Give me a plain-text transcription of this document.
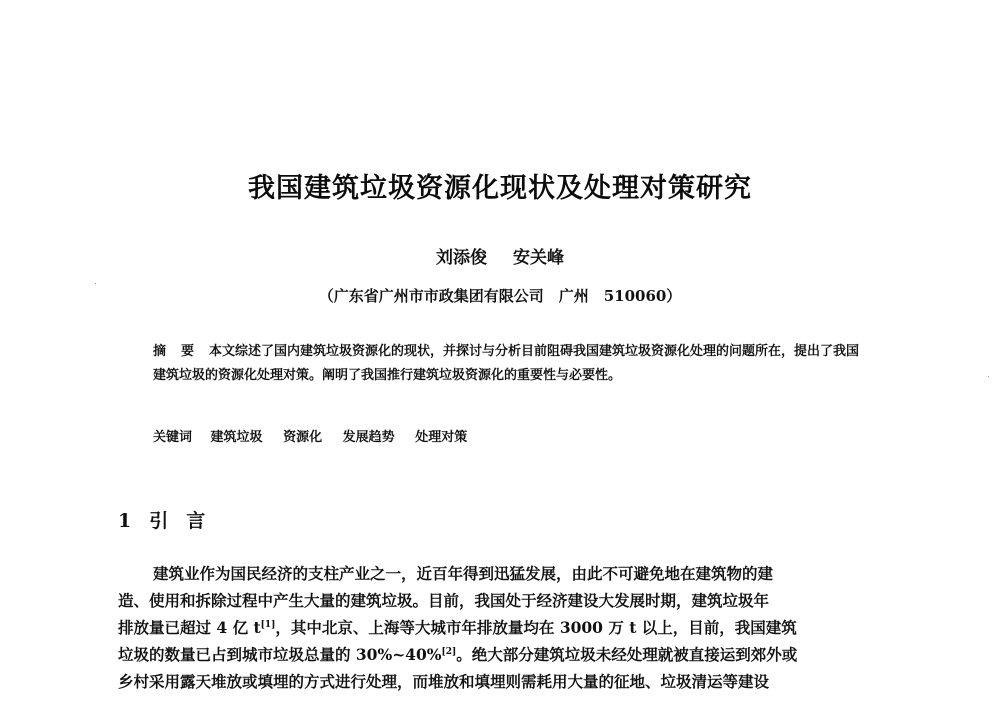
我国建筑垃圾资源化现状及处理对策研究
刘添俊 安关峰
（广东省广州市市政集团有限公司　广州　510060）
摘要本文综述了国内建筑垃圾资源化的现状，并探讨与分析目前阻碍我国建筑垃圾资源化处理的问题所在，提出了我国建筑垃圾的资源化处理对策。阐明了我国推行建筑垃圾资源化的重要性与必要性。
关键词 建筑垃圾 资源化 发展趋势 处理对策
1 引言
建筑业作为国民经济的支柱产业之一，近百年得到迅猛发展，由此不可避免地在建筑物的建
造、使用和拆除过程中产生大量的建筑垃圾。目前，我国处于经济建设大发展时期，建筑垃圾年
排放量已超过 4 亿 t[1]，其中北京、上海等大城市年排放量均在 3000 万 t 以上，目前，我国建筑
垃圾的数量已占到城市垃圾总量的 30%~40%[2]。绝大部分建筑垃圾未经处理就被直接运到郊外或
乡村采用露天堆放或填埋的方式进行处理，而堆放和填埋则需耗用大量的征地、垃圾清运等建设
